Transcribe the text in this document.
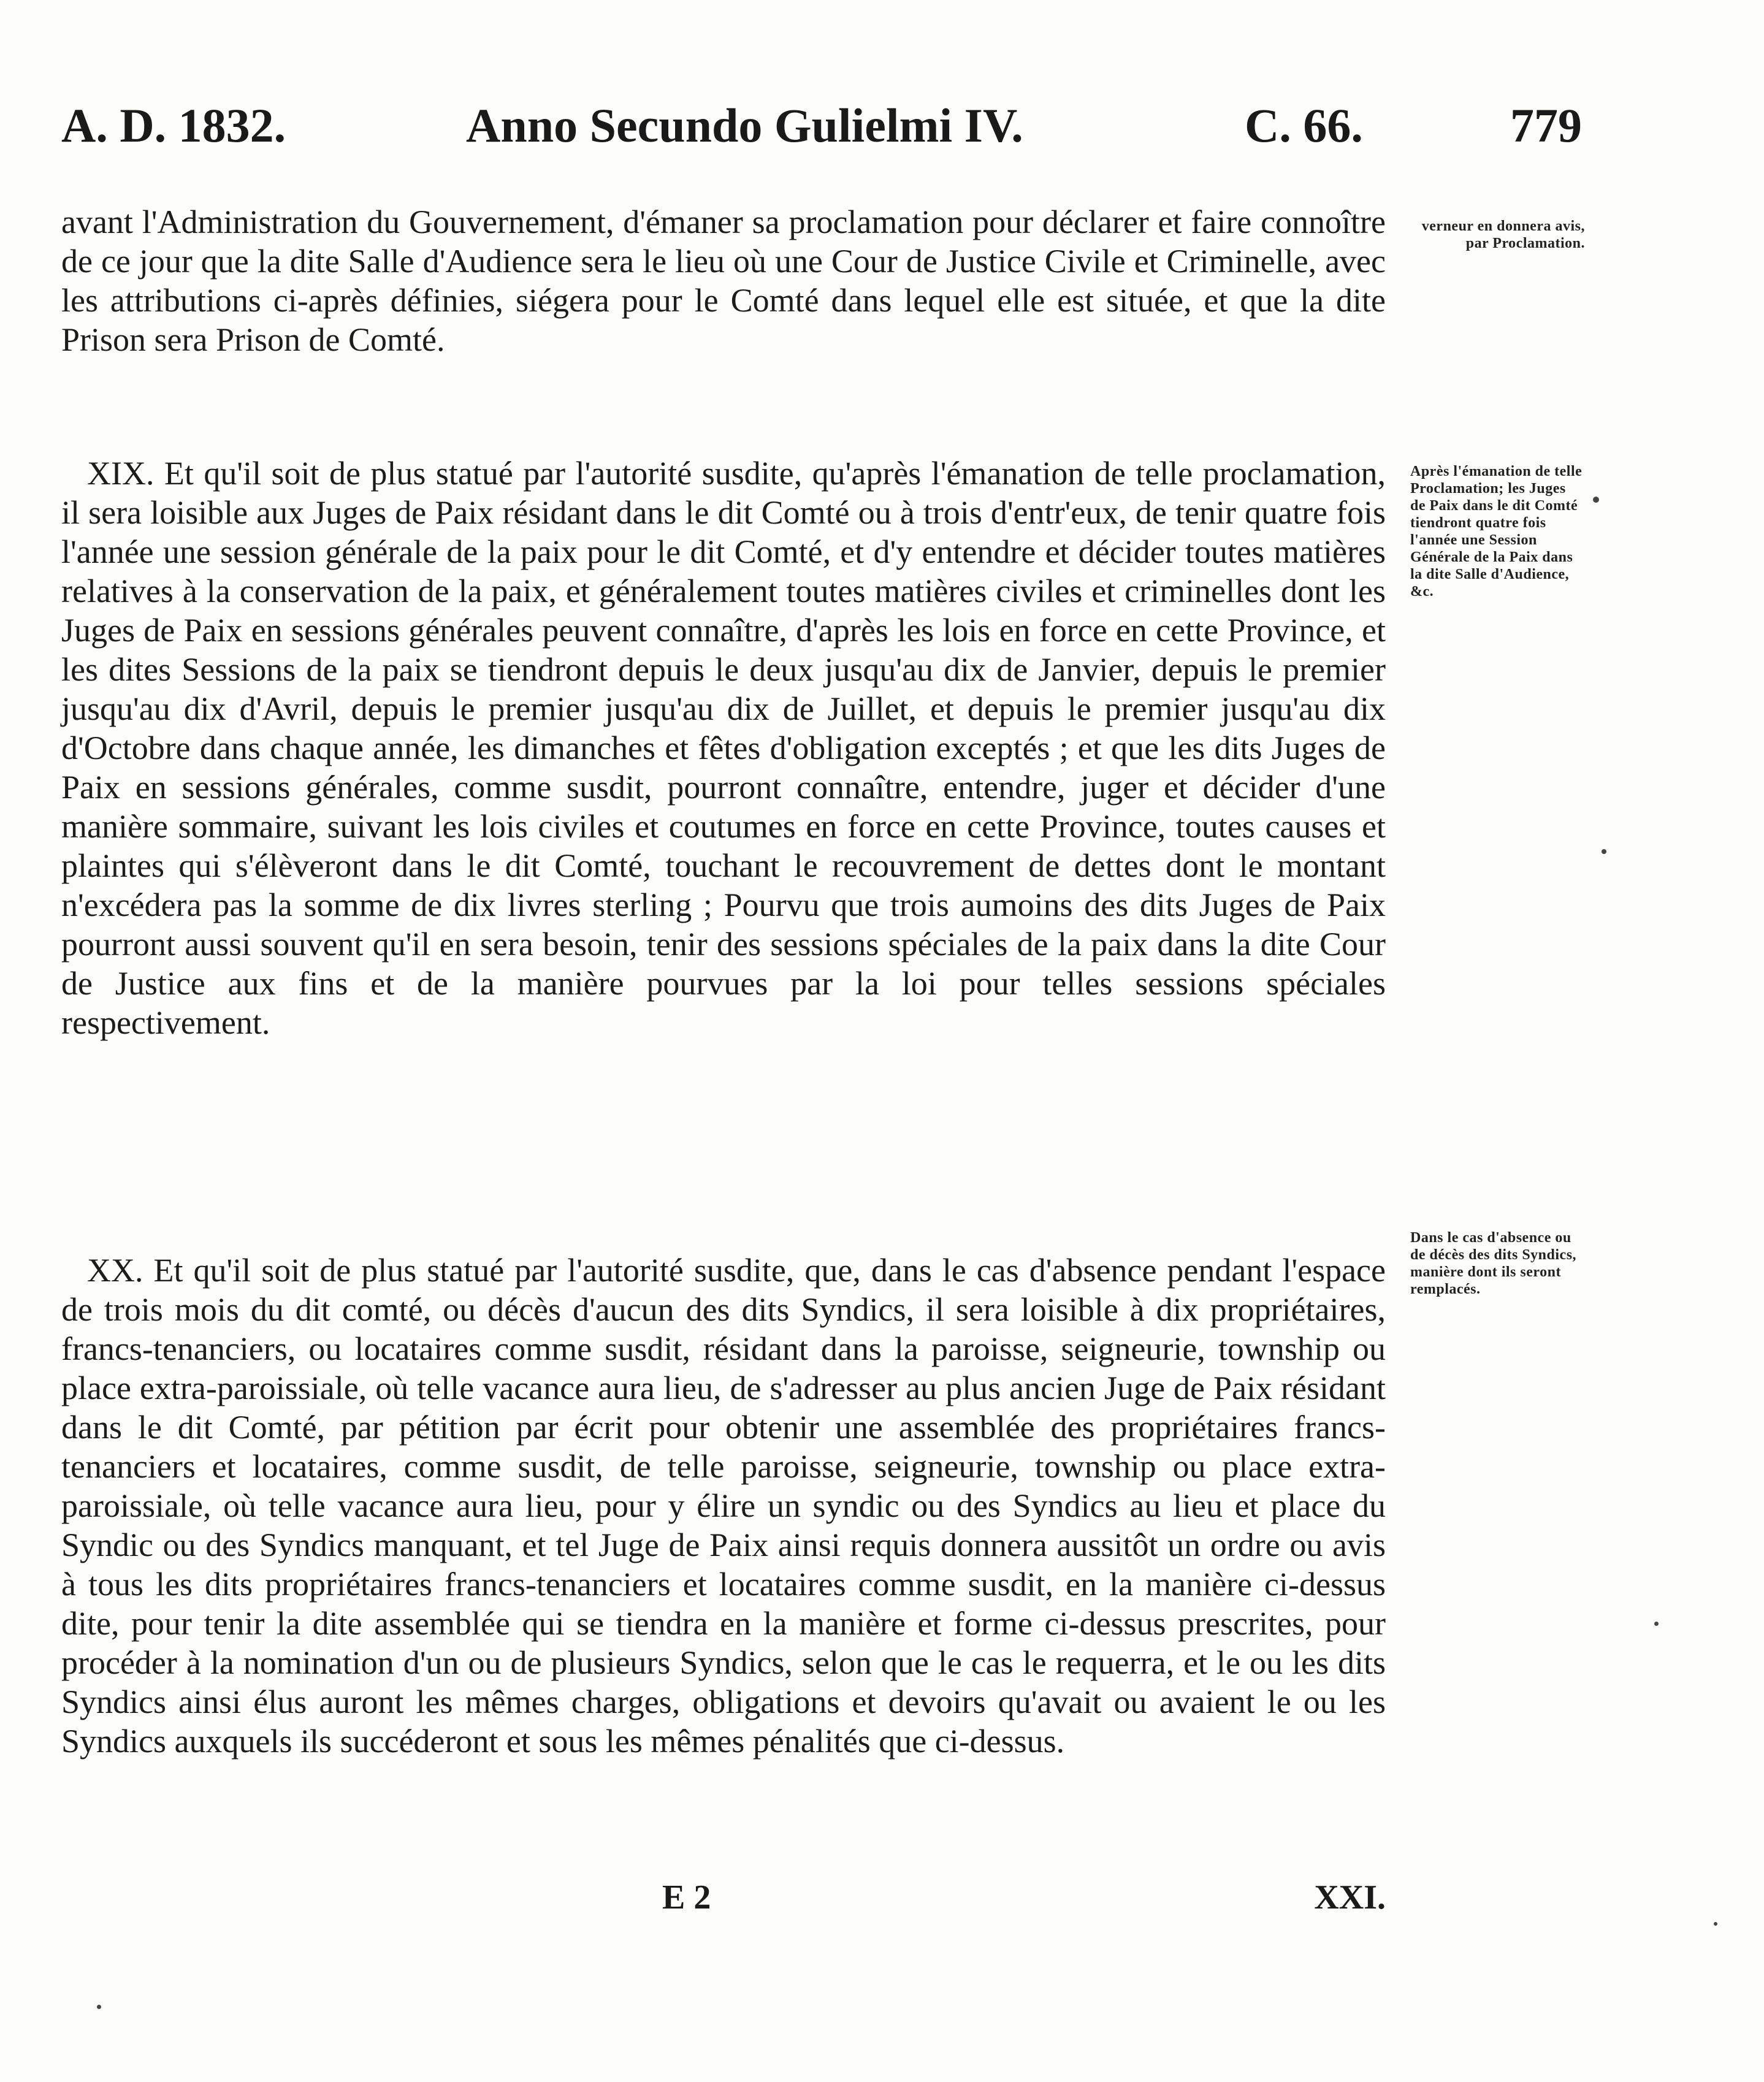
A. D. 1832.	Anno Secundo Gulielmi IV.	C. 66.	779

avant l'Administration du Gouvernement, d'émaner sa proclamation pour déclarer et faire connoître de ce jour que la dite Salle d'Audience sera le lieu où une Cour de Justice Civile et Criminelle, avec les attributions ci-après définies, siégera pour le Comté dans lequel elle est située, et que la dite Prison sera Prison de Comté.

XIX. Et qu'il soit de plus statué par l'autorité susdite, qu'après l'émanation de telle proclamation, il sera loisible aux Juges de Paix résidant dans le dit Comté ou à trois d'entr'eux, de tenir quatre fois l'année une session générale de la paix pour le dit Comté, et d'y entendre et décider toutes matières relatives à la conservation de la paix, et généralement toutes matières civiles et criminelles dont les Juges de Paix en sessions générales peuvent connaître, d'après les lois en force en cette Province, et les dites Sessions de la paix se tiendront depuis le deux jusqu'au dix de Janvier, depuis le premier jusqu'au dix d'Avril, depuis le premier jusqu'au dix de Juillet, et depuis le premier jusqu'au dix d'Octobre dans chaque année, les dimanches et fêtes d'obligation exceptés ; et que les dits Juges de Paix en sessions générales, comme susdit, pourront connaître, entendre, juger et décider d'une manière sommaire, suivant les lois civiles et coutumes en force en cette Province, toutes causes et plaintes qui s'élèveront dans le dit Comté, touchant le recouvrement de dettes dont le montant n'excédera pas la somme de dix livres sterling ; Pourvu que trois aumoins des dits Juges de Paix pourront aussi souvent qu'il en sera besoin, tenir des sessions spéciales de la paix dans la dite Cour de Justice aux fins et de la manière pourvues par la loi pour telles sessions spéciales respectivement.

XX. Et qu'il soit de plus statué par l'autorité susdite, que, dans le cas d'absence pendant l'espace de trois mois du dit comté, ou décès d'aucun des dits Syndics, il sera loisible à dix propriétaires, francs-tenanciers, ou locataires comme susdit, résidant dans la paroisse, seigneurie, township ou place extra-paroissiale, où telle vacance aura lieu, de s'adresser au plus ancien Juge de Paix résidant dans le dit Comté, par pétition par écrit pour obtenir une assemblée des propriétaires francs-tenanciers et locataires, comme susdit, de telle paroisse, seigneurie, township ou place extra-paroissiale, où telle vacance aura lieu, pour y élire un syndic ou des Syndics au lieu et place du Syndic ou des Syndics manquant, et tel Juge de Paix ainsi requis donnera aussitôt un ordre ou avis à tous les dits propriétaires francs-tenanciers et locataires comme susdit, en la manière ci-dessus dite, pour tenir la dite assemblée qui se tiendra en la manière et forme ci-dessus prescrites, pour procéder à la nomination d'un ou de plusieurs Syndics, selon que le cas le requerra, et le ou les dits Syndics ainsi élus auront les mêmes charges, obligations et devoirs qu'avait ou avaient le ou les Syndics auxquels ils succéderont et sous les mêmes pénalités que ci-dessus.

verneur en donnera avis, par Proclamation.
Après l'émanation de telle Proclamation; les Juges de Paix dans le dit Comté tiendront quatre fois l'année une Session Générale de la Paix dans la dite Salle d'Audience, &c.
Dans le cas d'absence ou de décès des dits Syndics, manière dont ils seront remplacés.
E 2	XXI.
